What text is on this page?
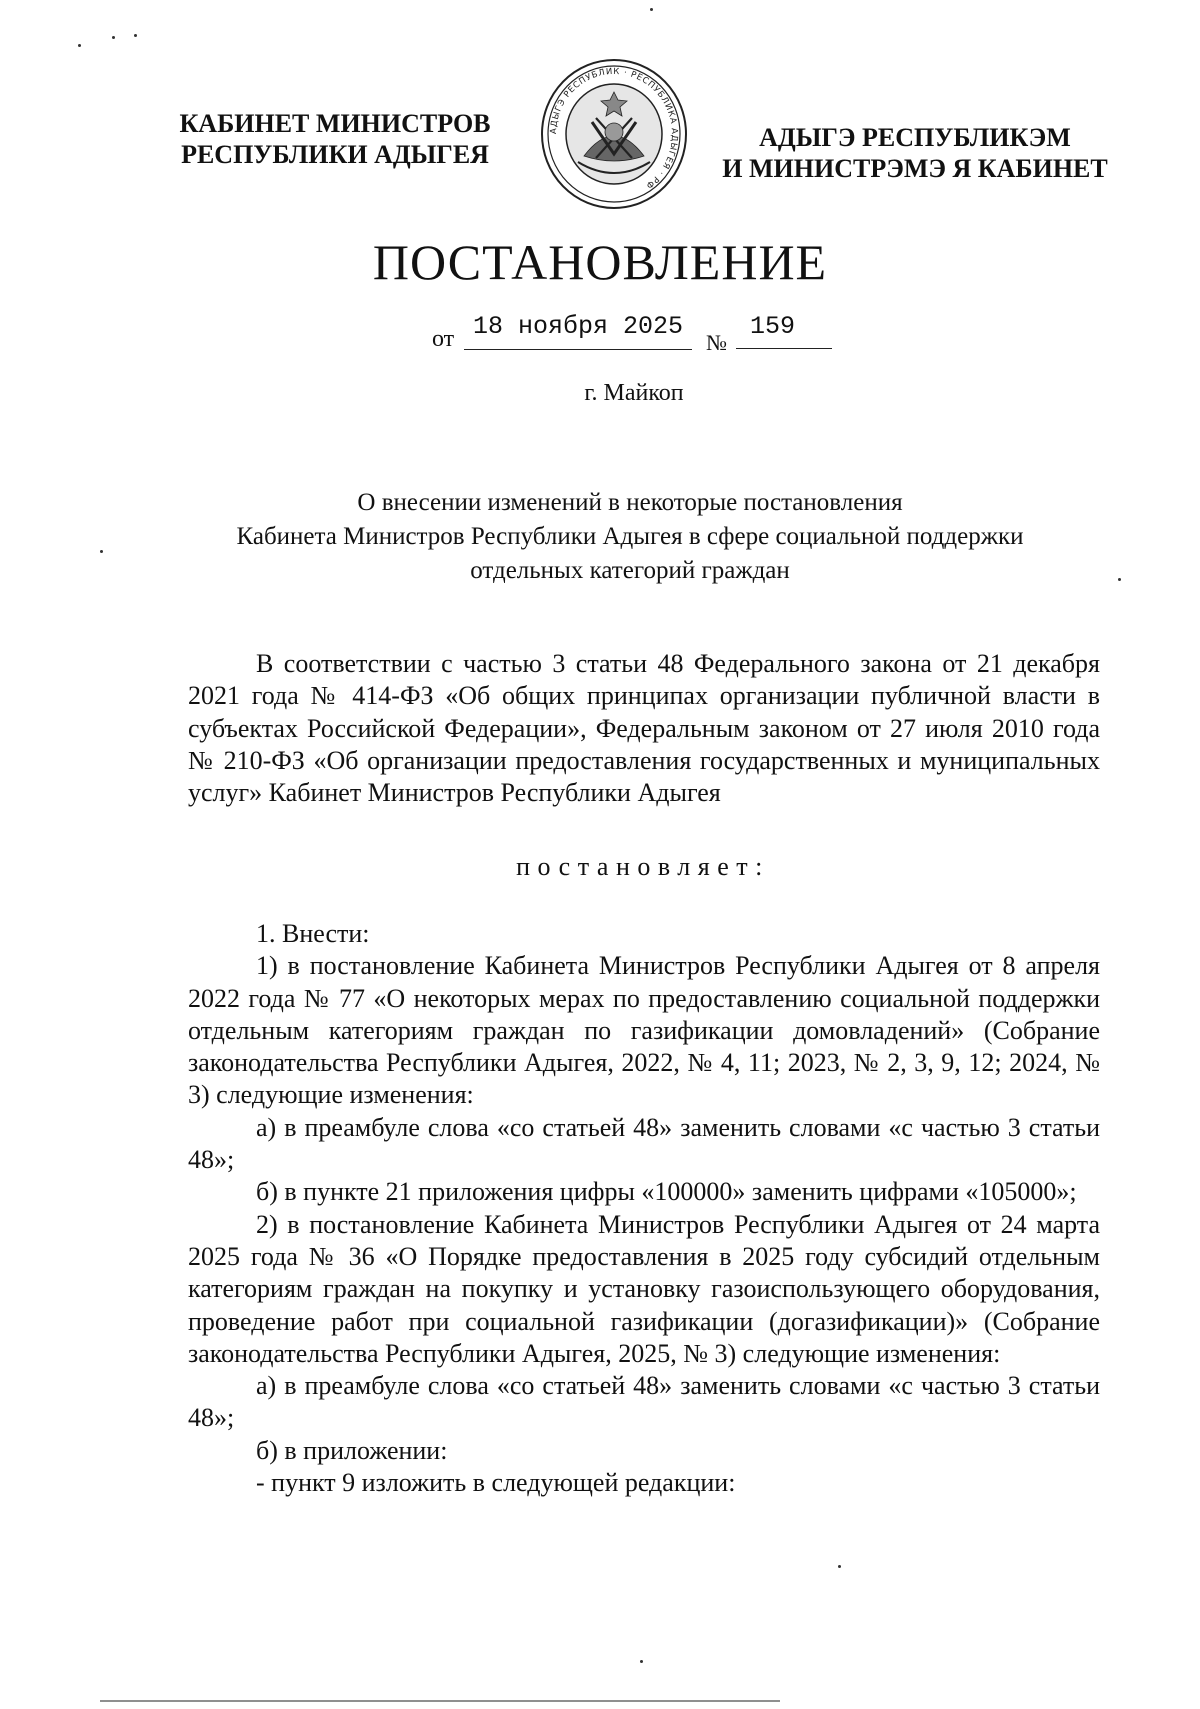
КАБИНЕТ МИНИСТРОВ
РЕСПУБЛИКИ АДЫГЕЯ
АДЫГЭ РЕСПУБЛИК · РЕСПУБЛИКА АДЫГЕЯ · РФ
АДЫГЭ РЕСПУБЛИКЭМ
И МИНИСТРЭМЭ Я КАБИНЕТ
ПОСТАНОВЛЕНИЕ
от 18 ноября 2025
№
159
г. Майкоп
О внесении изменений в некоторые постановления
Кабинета Министров Республики Адыгея в сфере социальной поддержки
отдельных категорий граждан

В соответствии с частью 3 статьи 48 Федерального закона от 21 декабря 2021 года № 414-ФЗ «Об общих принципах организации публичной власти в субъектах Российской Федерации», Федеральным законом от 27 июля 2010 года № 210-ФЗ «Об организации предоставления государственных и муниципальных услуг» Кабинет Министров Республики Адыгея

постановляет:

1. Внести:

1) в постановление Кабинета Министров Республики Адыгея от 8 апреля 2022 года № 77 «О некоторых мерах по предоставлению социальной поддержки отдельным категориям граждан по газификации домовладений» (Собрание законодательства Республики Адыгея, 2022, № 4, 11; 2023, № 2, 3, 9, 12; 2024, № 3) следующие изменения:

а) в преамбуле слова «со статьей 48» заменить словами «с частью 3 статьи 48»;

б) в пункте 21 приложения цифры «100000» заменить цифрами «105000»;

2) в постановление Кабинета Министров Республики Адыгея от 24 марта 2025 года № 36 «О Порядке предоставления в 2025 году субсидий отдельным категориям граждан на покупку и установку газоиспользующего оборудования, проведение работ при социальной газификации (догазификации)» (Собрание законодательства Республики Адыгея, 2025, № 3) следующие изменения:

а) в преамбуле слова «со статьей 48» заменить словами «с частью 3 статьи 48»;

б) в приложении:

- пункт 9 изложить в следующей редакции:
